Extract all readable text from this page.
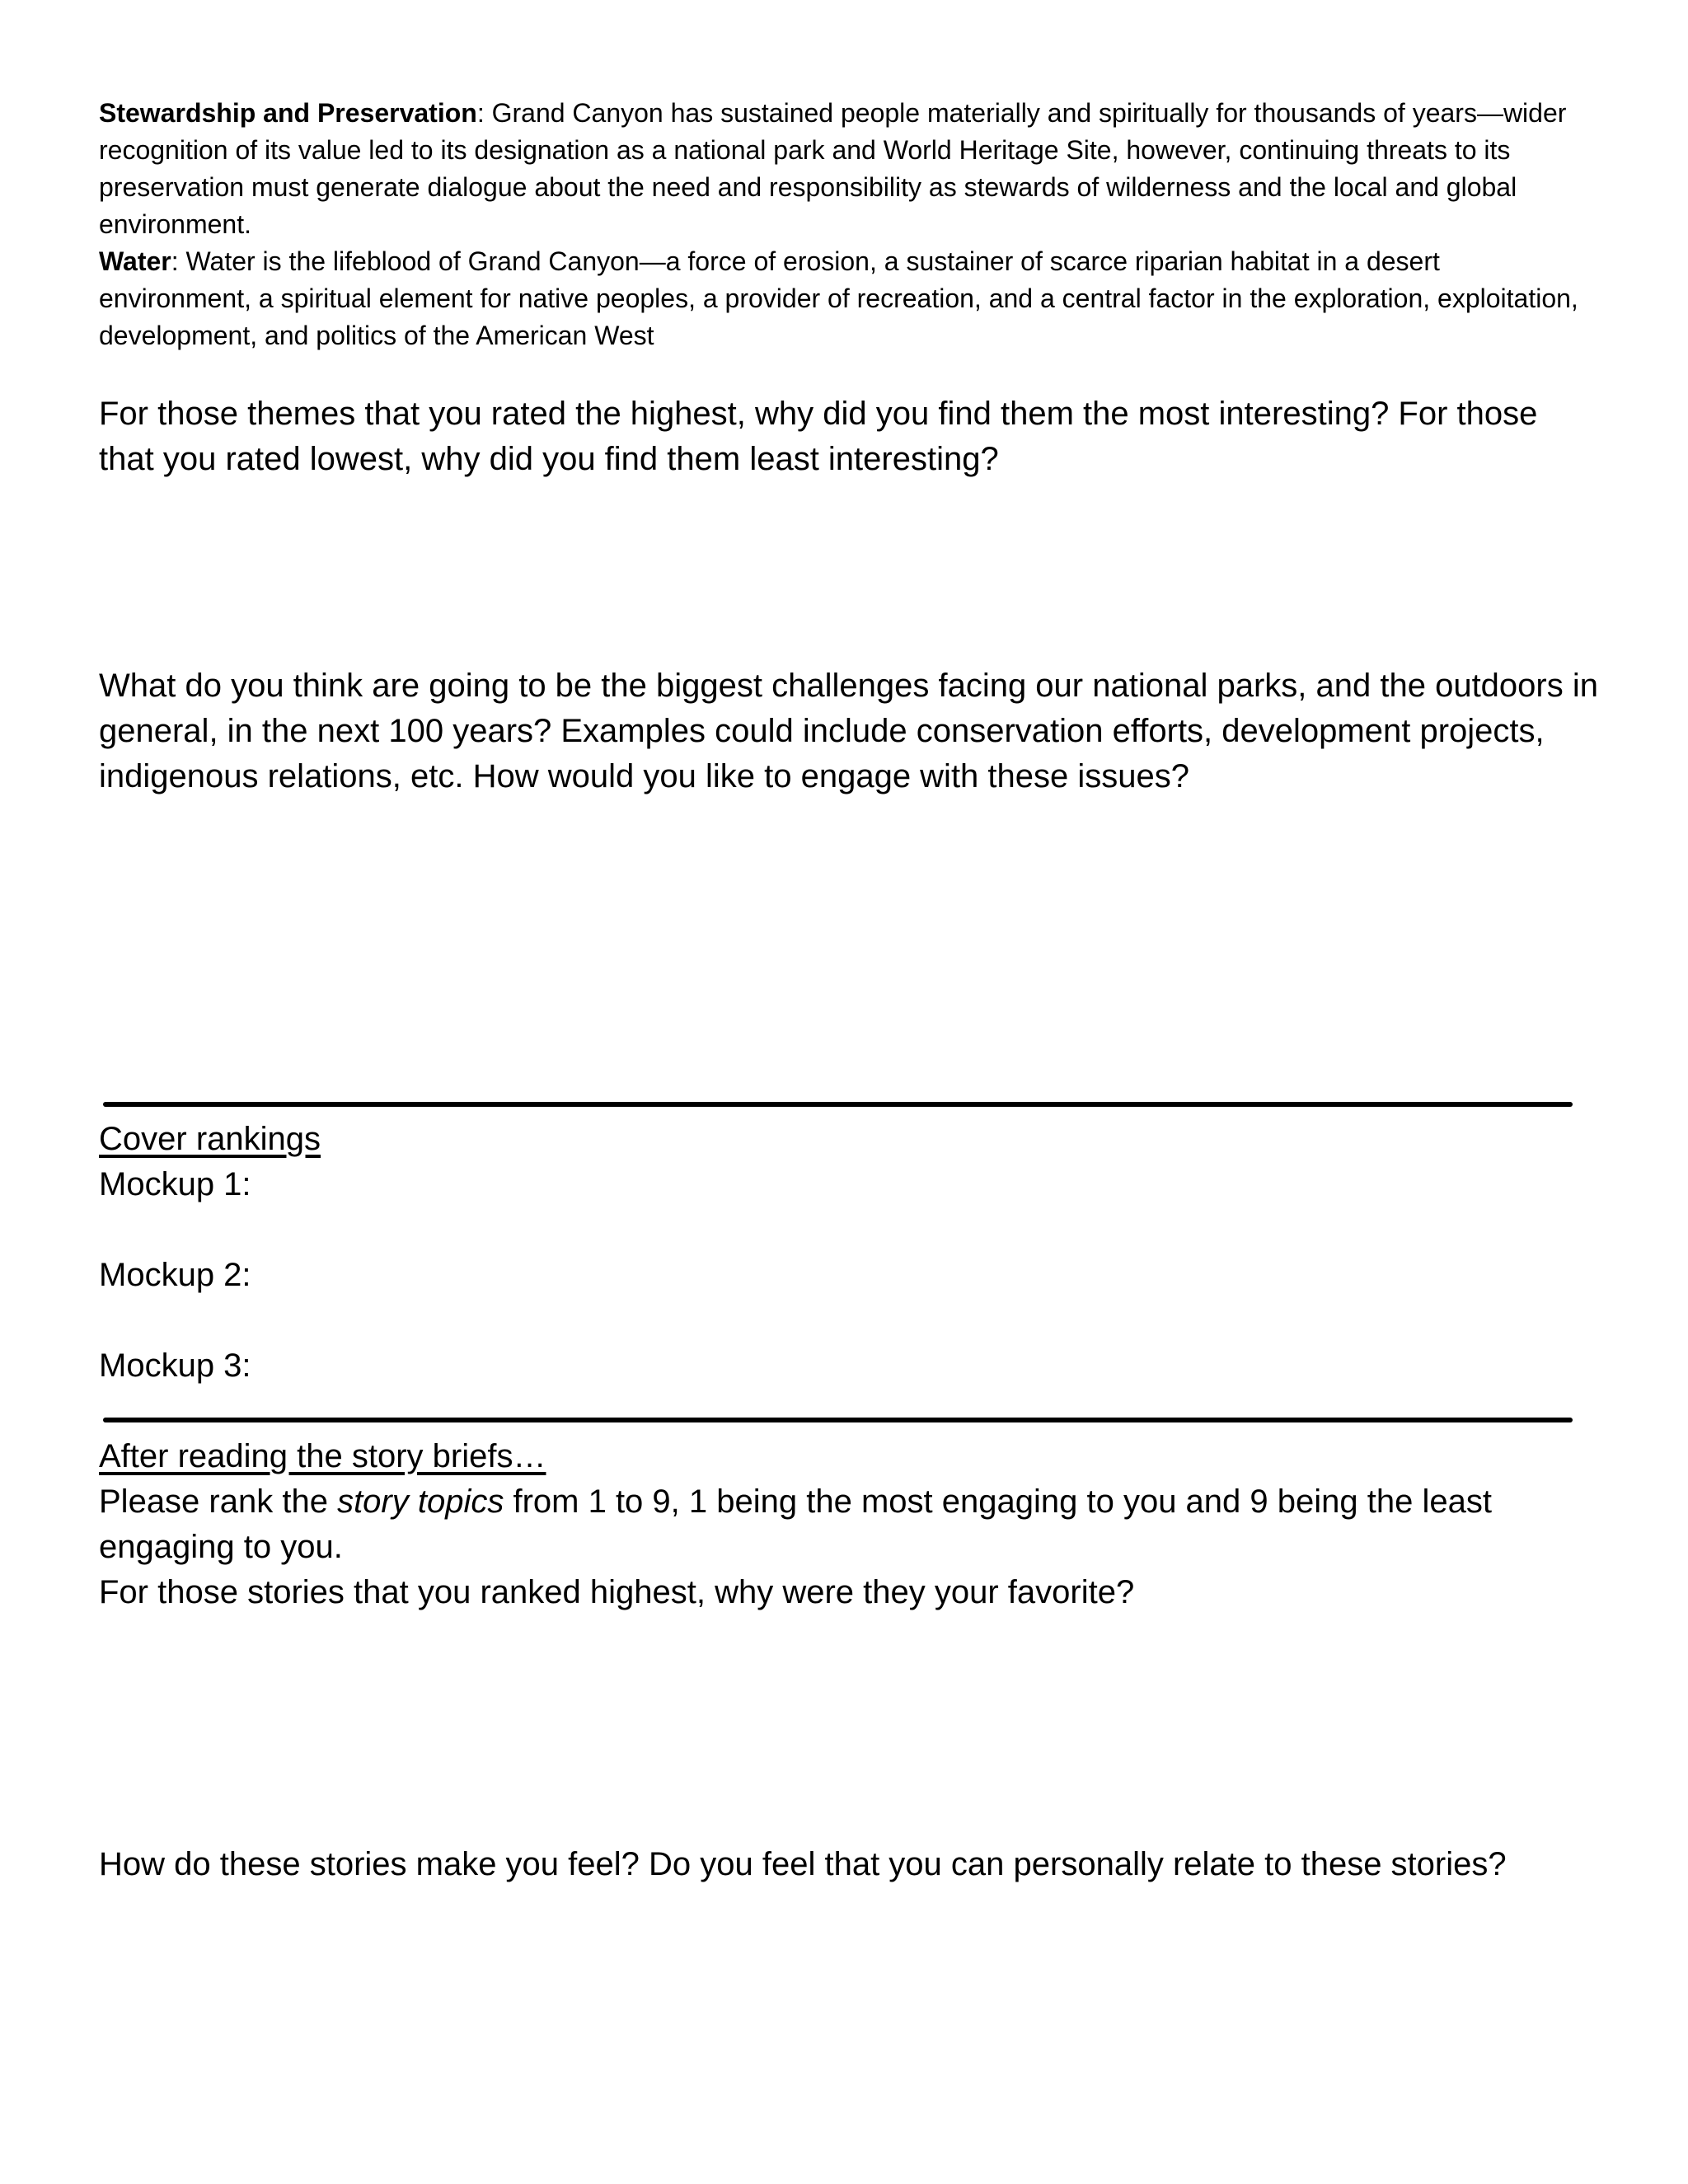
Stewardship and Preservation: Grand Canyon has sustained people materially and spiritually for thousands of years—wider recognition of its value led to its designation as a national park and World Heritage Site, however, continuing threats to its preservation must generate dialogue about the need and responsibility as stewards of wilderness and the local and global environment.
Water: Water is the lifeblood of Grand Canyon—a force of erosion, a sustainer of scarce riparian habitat in a desert environment, a spiritual element for native peoples, a provider of recreation, and a central factor in the exploration, exploitation, development, and politics of the American West
For those themes that you rated the highest, why did you find them the most interesting? For those that you rated lowest, why did you find them least interesting?
What do you think are going to be the biggest challenges facing our national parks, and the outdoors in general, in the next 100 years? Examples could include conservation efforts, development projects, indigenous relations, etc. How would you like to engage with these issues?
Cover rankings
Mockup 1:
Mockup 2:
Mockup 3:
After reading the story briefs…
Please rank the story topics from 1 to 9, 1 being the most engaging to you and 9 being the least engaging to you.
For those stories that you ranked highest, why were they your favorite?
How do these stories make you feel? Do you feel that you can personally relate to these stories?
